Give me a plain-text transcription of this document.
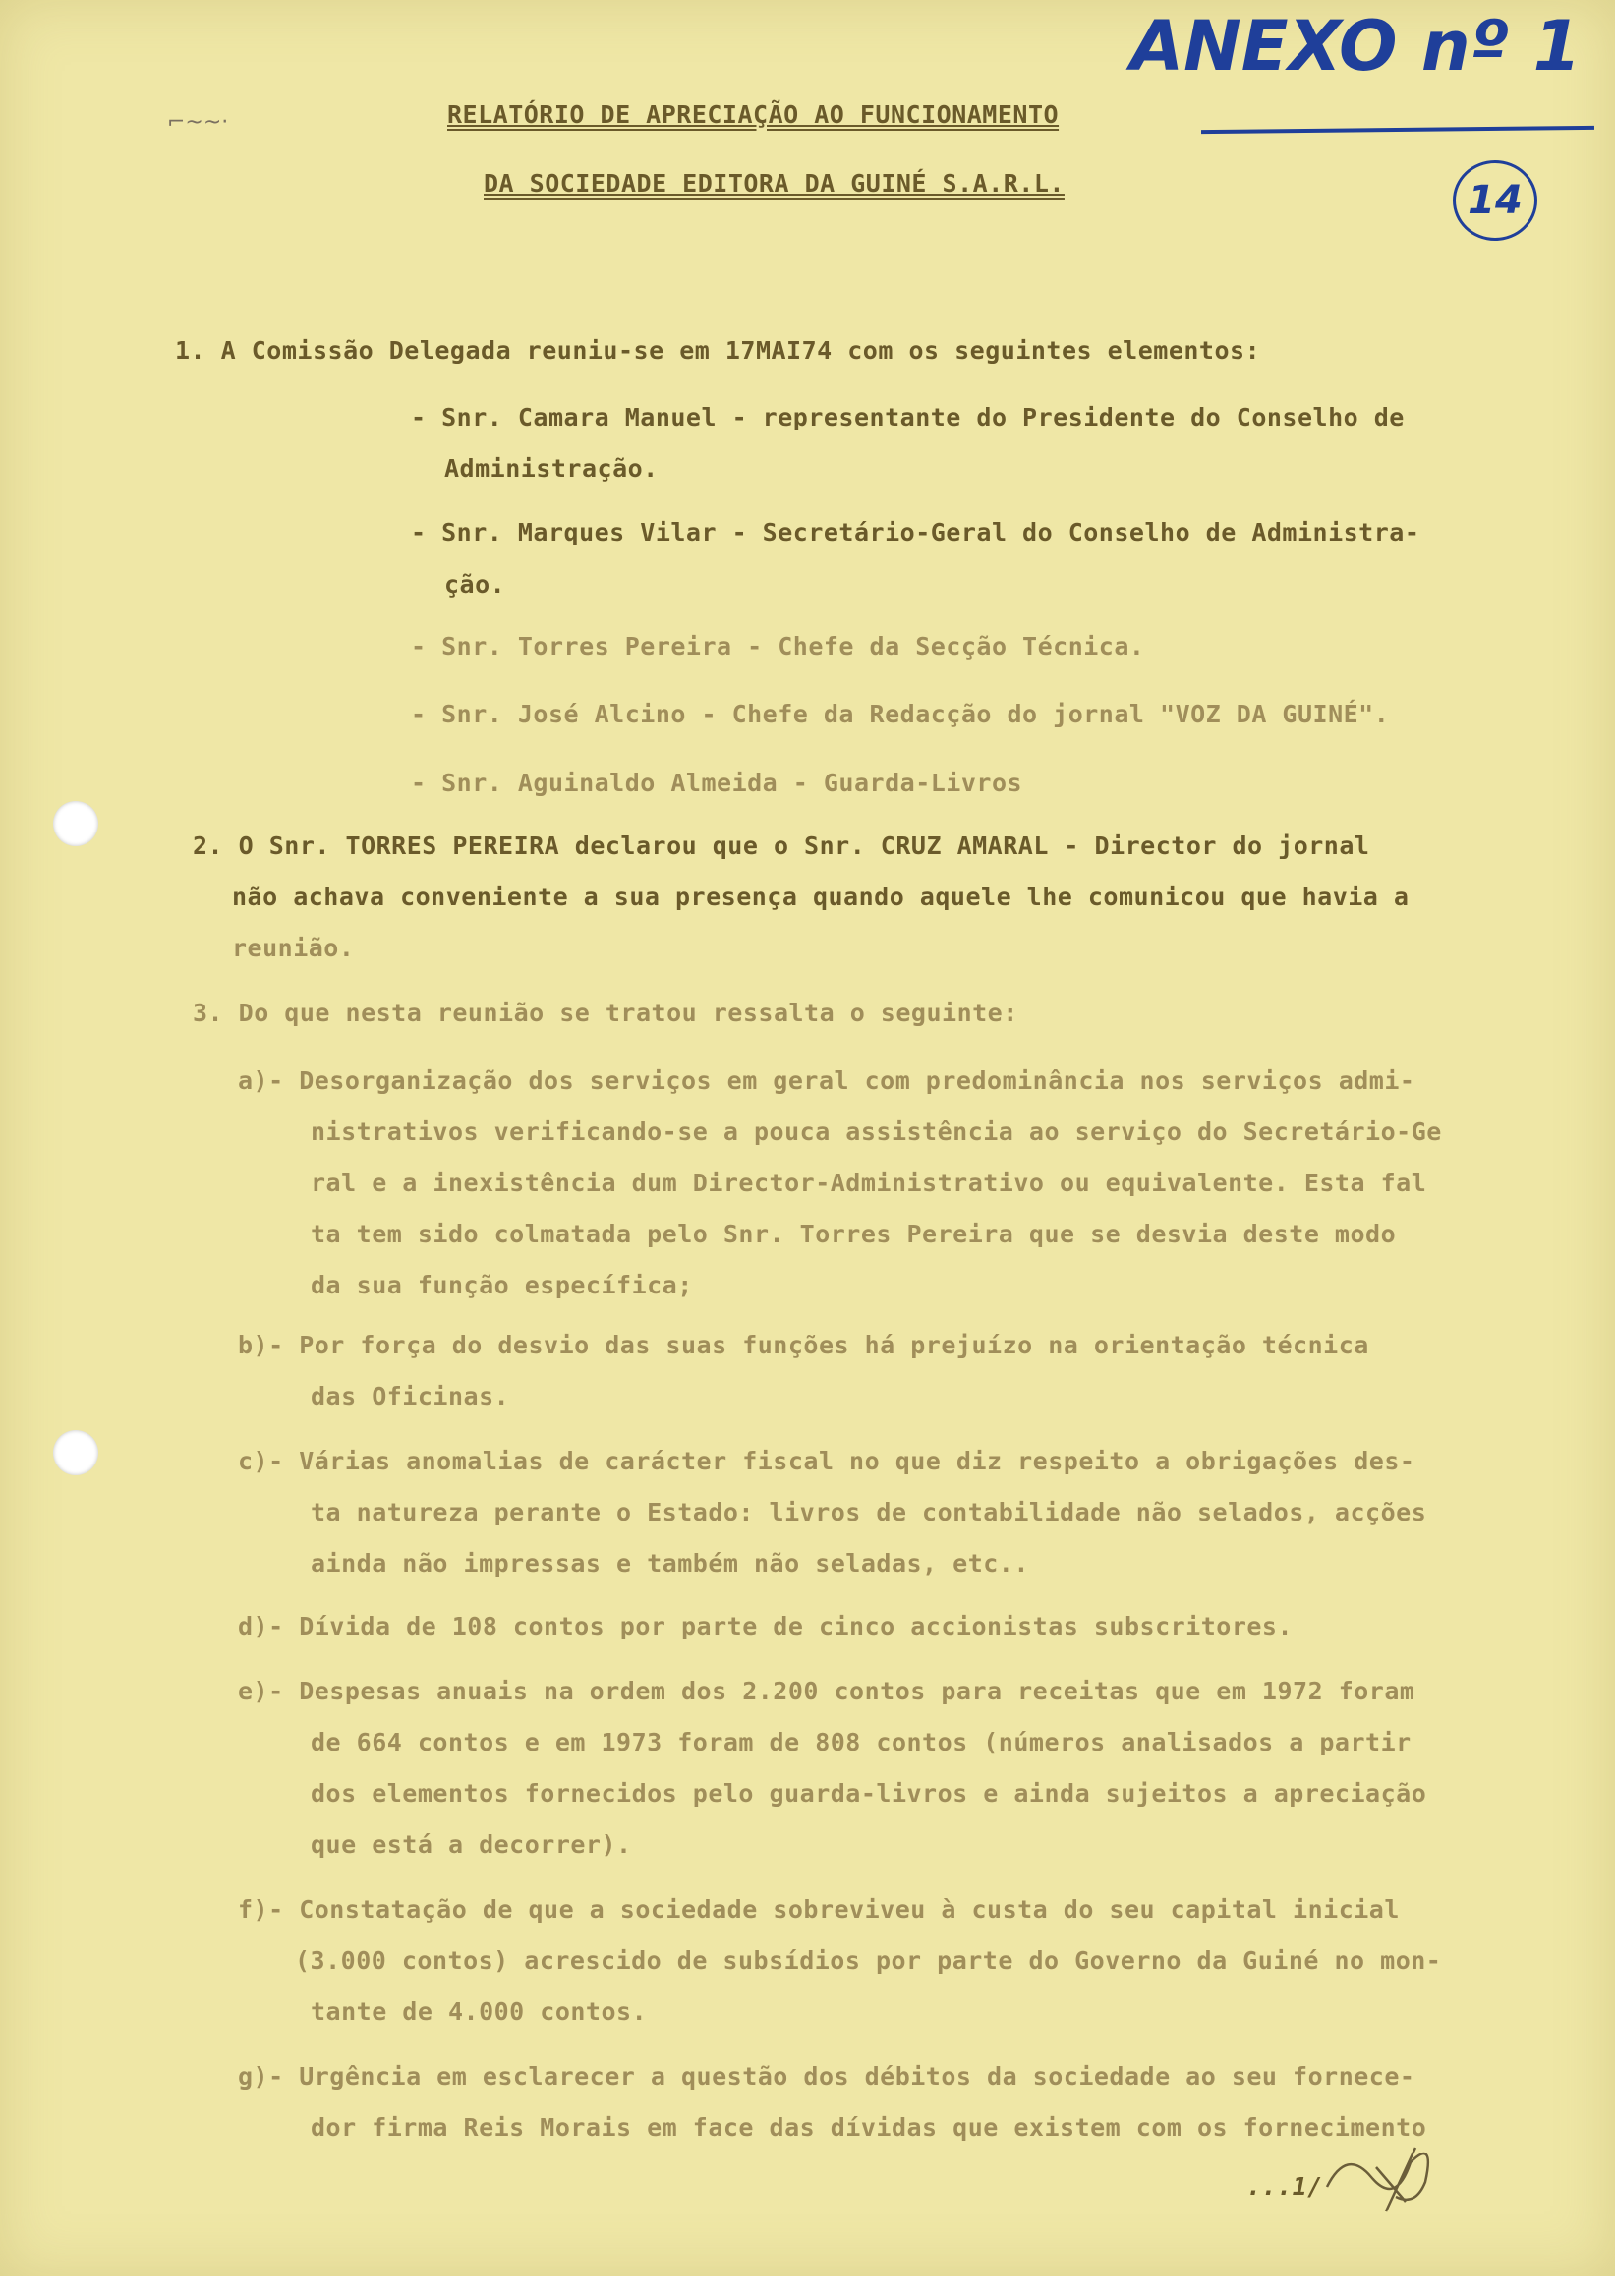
⌐~~·
ANEXO nº 1
14
RELATÓRIO DE APRECIAÇÃO AO FUNCIONAMENTO
DA SOCIEDADE EDITORA DA GUINÉ S.A.R.L.
1. A Comissão Delegada reuniu-se em 17MAI74 com os seguintes elementos:
- Snr. Camara Manuel - representante do Presidente do Conselho de
Administração.
- Snr. Marques Vilar - Secretário-Geral do Conselho de Administra-
ção.
- Snr. Torres Pereira - Chefe da Secção Técnica.
- Snr. José Alcino - Chefe da Redacção do jornal "VOZ DA GUINÉ".
- Snr. Aguinaldo Almeida - Guarda-Livros
2. O Snr. TORRES PEREIRA declarou que o Snr. CRUZ AMARAL - Director do jornal
não achava conveniente a sua presença quando aquele lhe comunicou que havia a
reunião.
3. Do que nesta reunião se tratou ressalta o seguinte:
a)- Desorganização dos serviços em geral com predominância nos serviços admi-
nistrativos verificando-se a pouca assistência ao serviço do Secretário-Ge
ral e a inexistência dum Director-Administrativo ou equivalente. Esta fal
ta tem sido colmatada pelo Snr. Torres Pereira que se desvia deste modo
da sua função específica;
b)- Por força do desvio das suas funções há prejuízo na orientação técnica
das Oficinas.
c)- Várias anomalias de carácter fiscal no que diz respeito a obrigações des-
ta natureza perante o Estado: livros de contabilidade não selados, acções
ainda não impressas e também não seladas, etc..
d)- Dívida de 108 contos por parte de cinco accionistas subscritores.
e)- Despesas anuais na ordem dos 2.200 contos para receitas que em 1972 foram
de 664 contos e em 1973 foram de 808 contos (números analisados a partir
dos elementos fornecidos pelo guarda-livros e ainda sujeitos a apreciação
que está a decorrer).
f)- Constatação de que a sociedade sobreviveu à custa do seu capital inicial
(3.000 contos) acrescido de subsídios por parte do Governo da Guiné no mon-
tante de 4.000 contos.
g)- Urgência em esclarecer a questão dos débitos da sociedade ao seu fornece-
dor firma Reis Morais em face das dívidas que existem com os fornecimento
...1/
